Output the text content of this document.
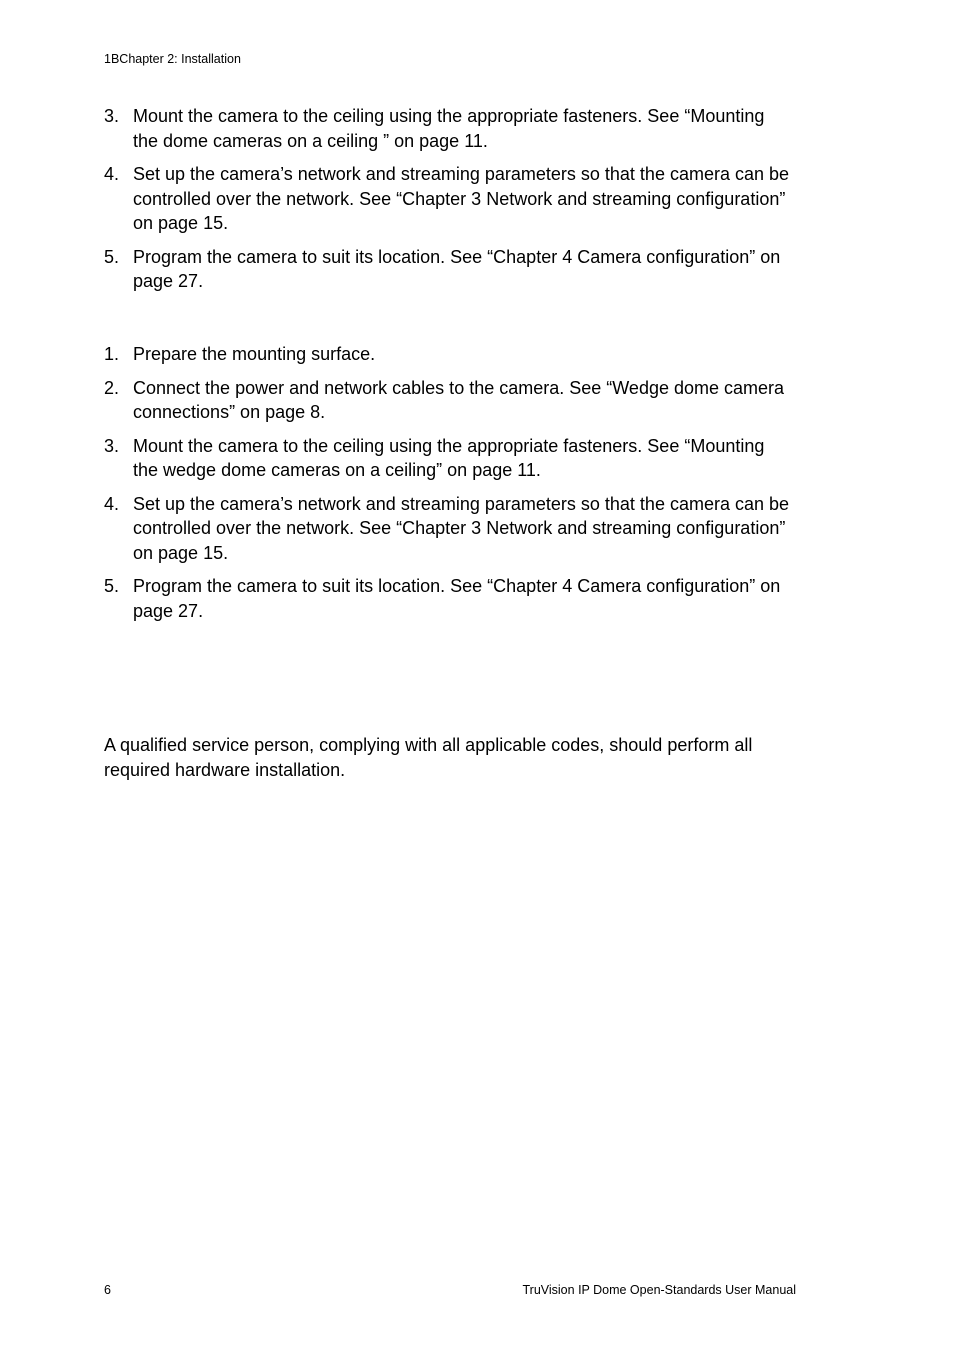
1BChapter 2: Installation
3. Mount the camera to the ceiling using the appropriate fasteners. See “Mounting the dome cameras on a ceiling ” on page 11.
4. Set up the camera’s network and streaming parameters so that the camera can be controlled over the network. See “Chapter 3 Network and streaming configuration” on page 15.
5. Program the camera to suit its location. See “Chapter 4 Camera configuration” on page 27.
1. Prepare the mounting surface.
2. Connect the power and network cables to the camera. See “Wedge dome camera connections” on page 8.
3. Mount the camera to the ceiling using the appropriate fasteners. See “Mounting the wedge dome cameras on a ceiling” on page 11.
4. Set up the camera’s network and streaming parameters so that the camera can be controlled over the network. See “Chapter 3 Network and streaming configuration” on page 15.
5. Program the camera to suit its location. See “Chapter 4 Camera configuration” on page 27.

A qualified service person, complying with all applicable codes, should perform all required hardware installation.

6	TruVision IP Dome Open-Standards User Manual
